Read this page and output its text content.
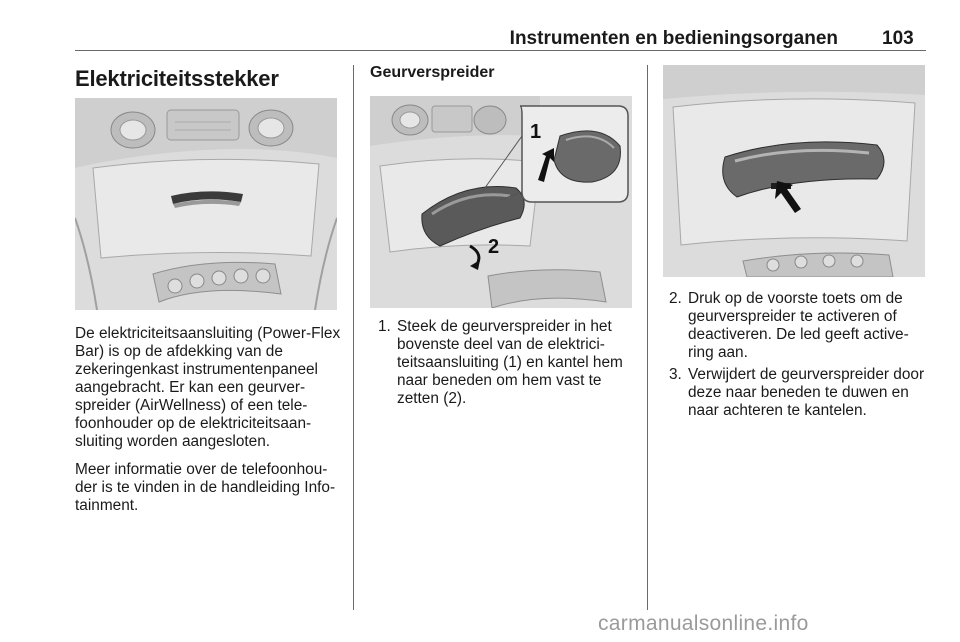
Instrumenten en bedieningsorganen 103
Elektriciteitsstekker

De elektriciteitsaansluiting (Power-Flex Bar) is op de afdekking van de zekeringenkast instrumentenpaneel aangebracht. Er kan een geurver-spreider (AirWellness) of een tele-foonhouder op de elektriciteitsaan-sluiting worden aangesloten.

Meer informatie over de telefoonhou-der is te vinden in de handleiding Info-tainment.

Geurverspreider
1
2
1. Steek de geurverspreider in het bovenste deel van de elektrici-teitsaansluiting (1) en kantel hem naar beneden om hem vast te zetten (2).
2. Druk op de voorste toets om de geurverspreider te activeren of deactiveren. De led geeft active-ring aan.
3. Verwijdert de geurverspreider door deze naar beneden te duwen en naar achteren te kantelen.
carmanualsonline.info
